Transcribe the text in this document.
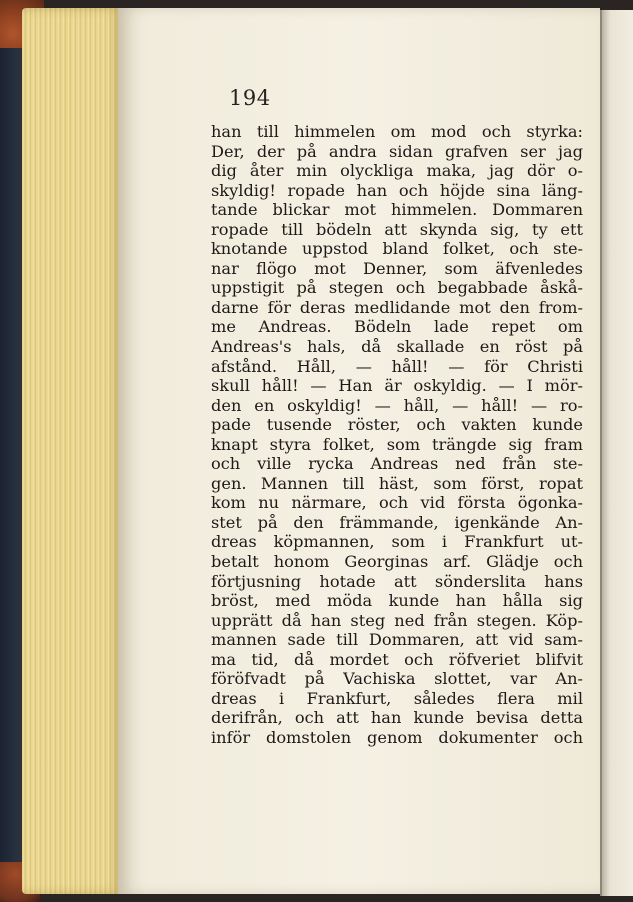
194
han till himmelen om mod och styrka:
Der, der på andra sidan grafven ser jag
dig åter min olyckliga maka, jag dör o-
skyldig! ropade han och höjde sina läng-
tande blickar mot himmelen. Dommaren
ropade till bödeln att skynda sig, ty ett
knotande uppstod bland folket, och ste-
nar flögo mot Denner, som äfvenledes
uppstigit på stegen och begabbade åskå-
darne för deras medlidande mot den from-
me Andreas. Bödeln lade repet om
Andreas's hals, då skallade en röst på
afstånd. Håll, — håll! — för Christi
skull håll! — Han är oskyldig. — I mör-
den en oskyldig! — håll, — håll! — ro-
pade tusende röster, och vakten kunde
knapt styra folket, som trängde sig fram
och ville rycka Andreas ned från ste-
gen. Mannen till häst, som först, ropat
kom nu närmare, och vid första ögonka-
stet på den främmande, igenkände An-
dreas köpmannen, som i Frankfurt ut-
betalt honom Georginas arf. Glädje och
förtjusning hotade att sönderslita hans
bröst, med möda kunde han hålla sig
upprätt då han steg ned från stegen. Köp-
mannen sade till Dommaren, att vid sam-
ma tid, då mordet och röfveriet blifvit
föröfvadt på Vachiska slottet, var An-
dreas i Frankfurt, således flera mil
derifrån, och att han kunde bevisa detta
inför domstolen genom dokumenter och
